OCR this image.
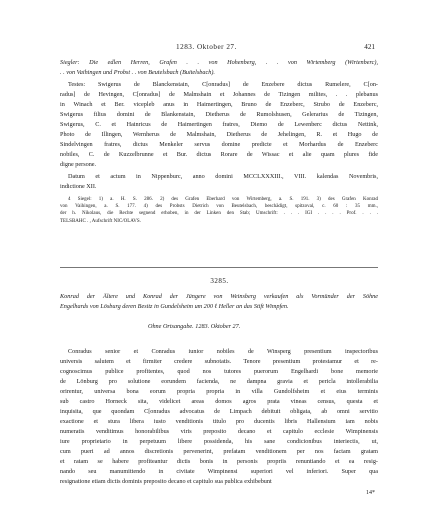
1283. Oktober 27.	421

Siegler: Die edlen Herren, Grafen . . von Hohenberg, . . von Wirtemberg (Wirtenberc),
. . von Vaihingen und Probst . . von Beutelsbach (Buitelsbach).
Testes: Swigerus de Blanckenstain, C[onradus] de Enzebere dictus Rumelere, C[on-
radus] de Hevingen, C[onradus] de Malmshain et Johannes de Tizingen milites, . . plebanus
in Winach et Ber. vicepleb anus in Haimertingen, Bruno de Enzeberc, Strubo de Enzeberc,
Swigerus filius domini de Blankenstain, Dietherus de Rumolshusen, Gelerarius de Tizingen,
Swigerus, C. et Hainricus de Haimertingen fratres, Diemo de Lewenberc dictus Nettink,
Photo de Illingen, Wernherus de Malmshain, Dietherus de Jehelingen, R. et Hugo de
Sindelvingen fratres, dictus Menkeler servus domine predicte et Morhardus de Enzeberc
nobiles, C. de Kuzzelbrunne et Bur. dictus Rorare de Wissac et alie quam plures fide
digne persone.
Datum et actum in Nippenburc, anno domini MCCLXXXIII., VIII. kalendas Novembris,
indictione XII.
4 Siegel: 1) a. H. S. 286. 2) des Grafen Eberhard von Wirtemberg, a. S. 191. 3) des Grafen Konrad
von Vaihingen, a. S. 177. 4) des Probsts Dietrich von Beutelsbach, beschädigt, spitzoval, c. 60 : 35 mm.,
der h. Nikolaus, die Rechte segnend erhoben, in der Linken den Stab; Umschrift: . . . IGI . . . . Prof. . . .
TELSBAHC . , Aufschrift NIC/OLAVS.

3285.

Konrad der Ältere und Konrad der Jüngere von Weinsberg verkaufen als Vormünder der Söhne
Engelhards von Lösburg deren Besitz in Gundelsheim um 200 ℓ Heller an das Stift Wimpfen.

Ohne Ortsangabe. 1283. Oktober 27.

Conradus senior et Conradus iunior nobiles de Winsperg presentium inspectoribus
universis salutem et firmiter credere subnotatis. Tenore presentium protestamur et re-
cognoscimus publice profitentes, quod nos tutores puerorum Engelhardi bone memorie
de Lönburg pro solutione eorundem facienda, ne dampna gravia et pericla intollerabilia
orirentur, universa bona eorum propria propria in villa Gundolfsheim et eius terminis
sub castro Horneck sita, videlicet areas domos agros prata vineas census, questa et
inquisita, que quondam C[onradus advocatus de Limpach debituit obligata, ab omni servitio
exactione et stura libera iusto venditionis titulo pro ducentis libris Hallensium iam nobis
numeratis venditimus honorabilibus viris preposito decano et capitulo ecclesie Wimpinensis
iure proprietario in perpetuum libere possidenda, his sane condicionibus interiectis, ut,
cum pueri ad annos discretionis pervenerint, prefatam venditionem per nos factam gratam
et ratam se habere profiteantur dictis bonis in personis propriis renuntiando et ea resig-
nando seu manumittendo in civitate Wimpinensi superiori vel inferiori. Super qua
resignatione etiam dictis dominis preposito decano et capitulo sua publica exhibebunt

14*
